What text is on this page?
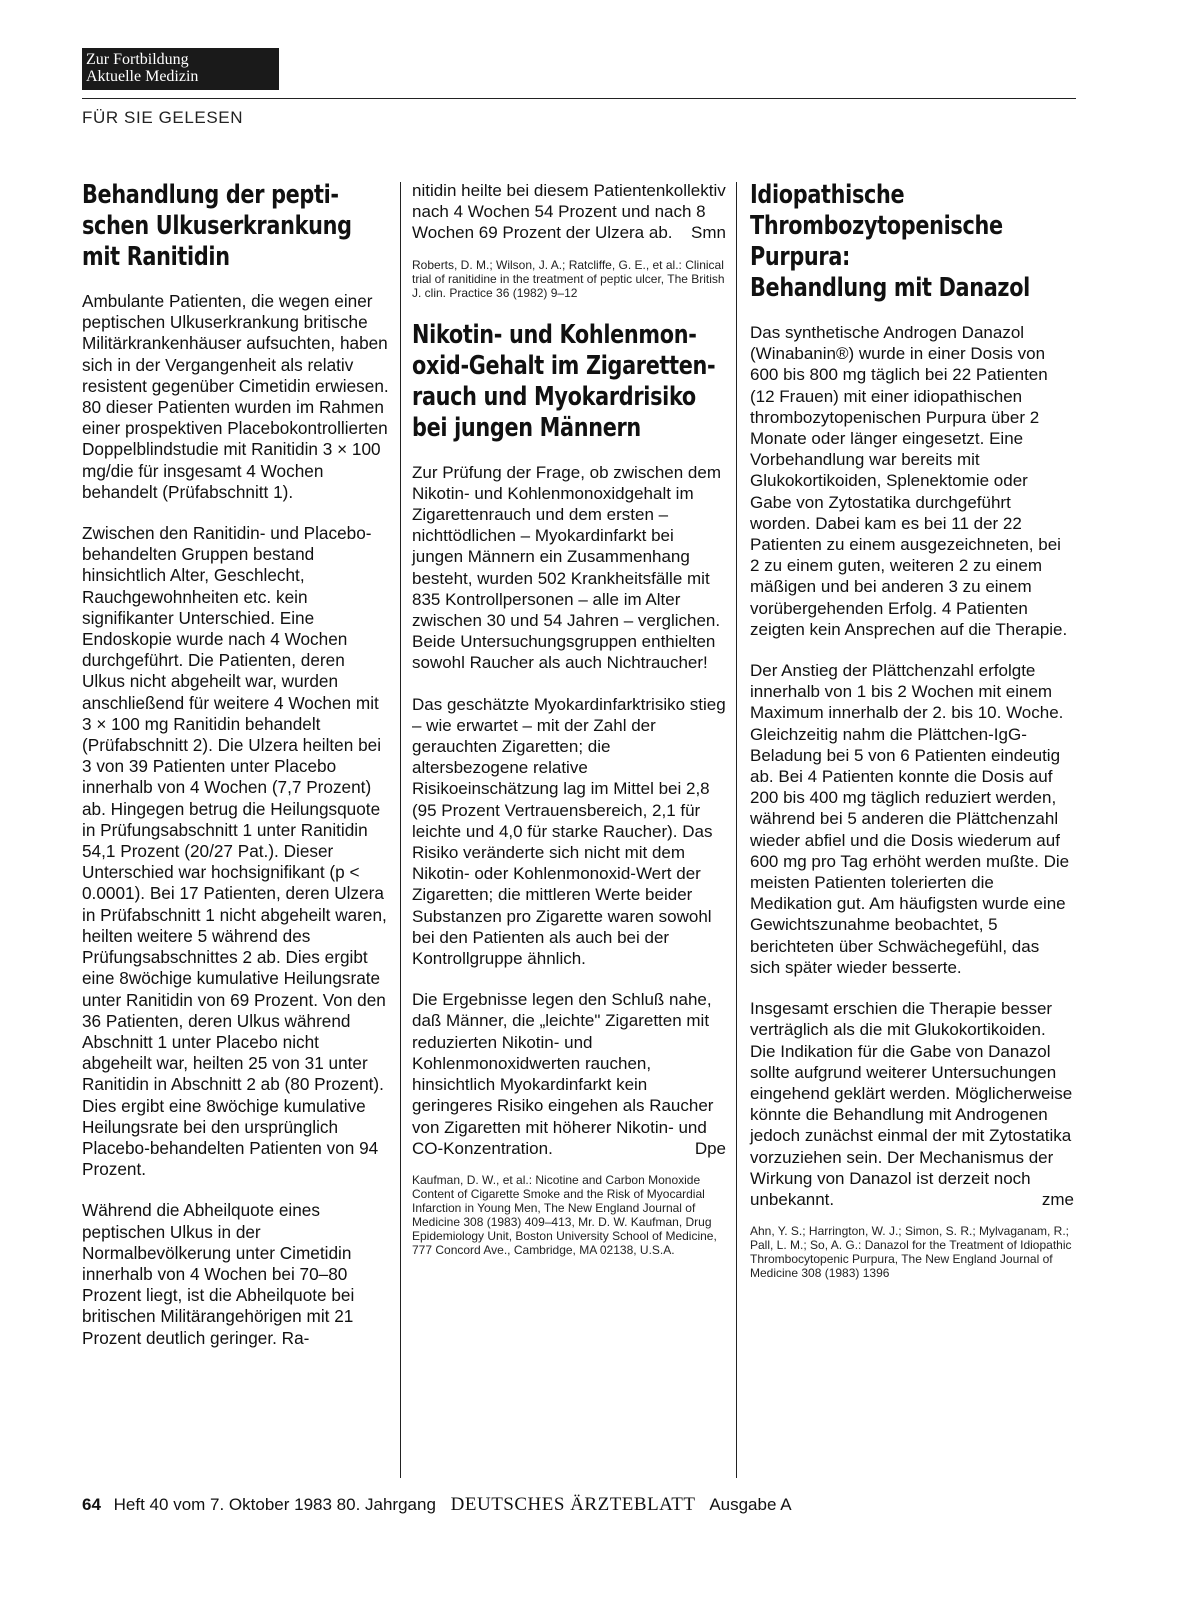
Zur Fortbildung
Aktuelle Medizin
FÜR SIE GELESEN
Behandlung der pepti-
schen Ulkuserkrankung
mit Ranitidin

Ambulante Patienten, die wegen einer peptischen Ulkuserkrankung britische Militärkrankenhäuser aufsuchten, haben sich in der Vergangenheit als relativ resistent gegenüber Cimetidin erwiesen. 80 dieser Patienten wurden im Rahmen einer prospektiven Placebokontrollierten Doppelblindstudie mit Ranitidin 3 × 100 mg/die für insgesamt 4 Wochen behandelt (Prüfabschnitt 1).

Zwischen den Ranitidin- und Placebo-behandelten Gruppen bestand hinsichtlich Alter, Geschlecht, Rauchgewohnheiten etc. kein signifikanter Unterschied. Eine Endoskopie wurde nach 4 Wochen durchgeführt. Die Patienten, deren Ulkus nicht abgeheilt war, wurden anschließend für weitere 4 Wochen mit 3 × 100 mg Ranitidin behandelt (Prüfabschnitt 2). Die Ulzera heilten bei 3 von 39 Patienten unter Placebo innerhalb von 4 Wochen (7,7 Prozent) ab. Hingegen betrug die Heilungsquote in Prüfungsabschnitt 1 unter Ranitidin 54,1 Prozent (20/27 Pat.). Dieser Unterschied war hochsignifikant (p < 0.0001). Bei 17 Patienten, deren Ulzera in Prüfabschnitt 1 nicht abgeheilt waren, heilten weitere 5 während des Prüfungsabschnittes 2 ab. Dies ergibt eine 8wöchige kumulative Heilungsrate unter Ranitidin von 69 Prozent. Von den 36 Patienten, deren Ulkus während Abschnitt 1 unter Placebo nicht abgeheilt war, heilten 25 von 31 unter Ranitidin in Abschnitt 2 ab (80 Prozent). Dies ergibt eine 8wöchige kumulative Heilungsrate bei den ursprünglich Placebo-behandelten Patienten von 94 Prozent.

Während die Abheilquote eines peptischen Ulkus in der Normalbevölkerung unter Cimetidin innerhalb von 4 Wochen bei 70–80 Prozent liegt, ist die Abheilquote bei britischen Militärangehörigen mit 21 Prozent deutlich geringer. Ra-

nitidin heilte bei diesem Patientenkollektiv nach 4 Wochen 54 Prozent und nach 8 Wochen 69 Prozent der Ulzera ab. Smn

Roberts, D. M.; Wilson, J. A.; Ratcliffe, G. E., et al.: Clinical trial of ranitidine in the treatment of peptic ulcer, The British J. clin. Practice 36 (1982) 9–12
Nikotin- und Kohlenmon-
oxid-Gehalt im Zigaretten-
rauch und Myokardrisiko
bei jungen Männern

Zur Prüfung der Frage, ob zwischen dem Nikotin- und Kohlenmonoxidgehalt im Zigarettenrauch und dem ersten – nichttödlichen – Myokardinfarkt bei jungen Männern ein Zusammenhang besteht, wurden 502 Krankheitsfälle mit 835 Kontrollpersonen – alle im Alter zwischen 30 und 54 Jahren – verglichen. Beide Untersuchungsgruppen enthielten sowohl Raucher als auch Nichtraucher!

Das geschätzte Myokardinfarktrisiko stieg – wie erwartet – mit der Zahl der gerauchten Zigaretten; die altersbezogene relative Risikoeinschätzung lag im Mittel bei 2,8 (95 Prozent Vertrauensbereich, 2,1 für leichte und 4,0 für starke Raucher). Das Risiko veränderte sich nicht mit dem Nikotin- oder Kohlenmonoxid-Wert der Zigaretten; die mittleren Werte beider Substanzen pro Zigarette waren sowohl bei den Patienten als auch bei der Kontrollgruppe ähnlich.

Die Ergebnisse legen den Schluß nahe, daß Männer, die „leichte" Zigaretten mit reduzierten Nikotin- und Kohlenmonoxidwerten rauchen, hinsichtlich Myokardinfarkt kein geringeres Risiko eingehen als Raucher von Zigaretten mit höherer Nikotin- und CO-Konzentration.	Dpe

Kaufman, D. W., et al.: Nicotine and Carbon Monoxide Content of Cigarette Smoke and the Risk of Myocardial Infarction in Young Men, The New England Journal of Medicine 308 (1983) 409–413, Mr. D. W. Kaufman, Drug Epidemiology Unit, Boston University School of Medicine, 777 Concord Ave., Cambridge, MA 02138, U.S.A.
Idiopathische
Thrombozytopenische
Purpura:
Behandlung mit Danazol

Das synthetische Androgen Danazol (Winabanin®) wurde in einer Dosis von 600 bis 800 mg täglich bei 22 Patienten (12 Frauen) mit einer idiopathischen thrombozytopenischen Purpura über 2 Monate oder länger eingesetzt. Eine Vorbehandlung war bereits mit Glukokortikoiden, Splenektomie oder Gabe von Zytostatika durchgeführt worden. Dabei kam es bei 11 der 22 Patienten zu einem ausgezeichneten, bei 2 zu einem guten, weiteren 2 zu einem mäßigen und bei anderen 3 zu einem vorübergehenden Erfolg. 4 Patienten zeigten kein Ansprechen auf die Therapie.

Der Anstieg der Plättchenzahl erfolgte innerhalb von 1 bis 2 Wochen mit einem Maximum innerhalb der 2. bis 10. Woche. Gleichzeitig nahm die Plättchen-IgG-Beladung bei 5 von 6 Patienten eindeutig ab. Bei 4 Patienten konnte die Dosis auf 200 bis 400 mg täglich reduziert werden, während bei 5 anderen die Plättchenzahl wieder abfiel und die Dosis wiederum auf 600 mg pro Tag erhöht werden mußte. Die meisten Patienten tolerierten die Medikation gut. Am häufigsten wurde eine Gewichtszunahme beobachtet, 5 berichteten über Schwächegefühl, das sich später wieder besserte.

Insgesamt erschien die Therapie besser verträglich als die mit Glukokortikoiden. Die Indikation für die Gabe von Danazol sollte aufgrund weiterer Untersuchungen eingehend geklärt werden. Möglicherweise könnte die Behandlung mit Androgenen jedoch zunächst einmal der mit Zytostatika vorzuziehen sein. Der Mechanismus der Wirkung von Danazol ist derzeit noch unbekannt.	zme

Ahn, Y. S.; Harrington, W. J.; Simon, S. R.; Mylvaganam, R.; Pall, L. M.; So, A. G.: Danazol for the Treatment of Idiopathic Thrombocytopenic Purpura, The New England Journal of Medicine 308 (1983) 1396
64 Heft 40 vom 7. Oktober 1983 80. Jahrgang DEUTSCHES ÄRZTEBLATT Ausgabe A
